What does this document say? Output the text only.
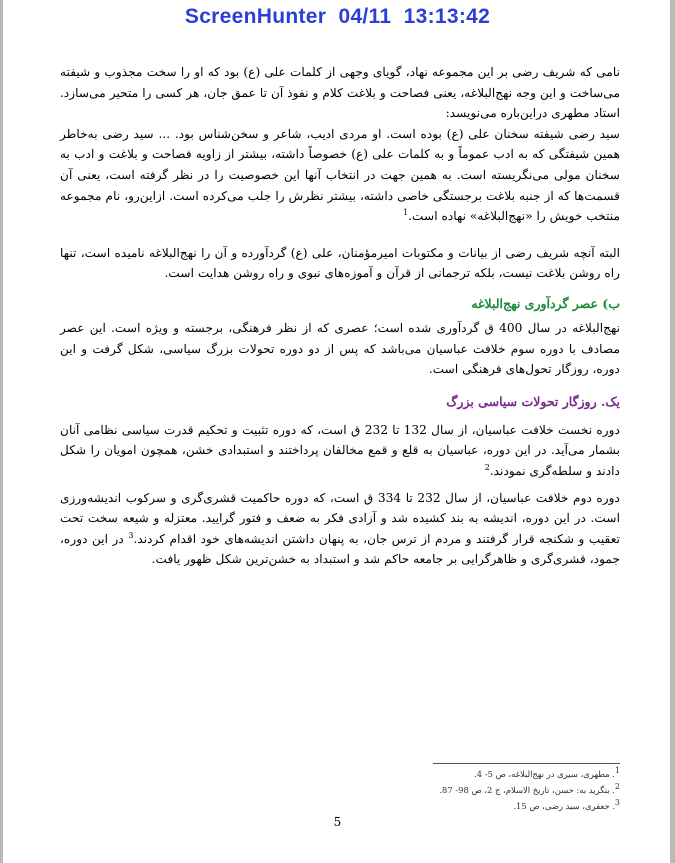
ScreenHunter  04/11  13:13:42

نامی که شریف رضی بر این مجموعه نهاد، گویای وجهی از کلمات علی (ع) بود که او را سخت مجذوب و شیفته می‌ساخت و این وجه نهج‌البلاغه، یعنی فصاحت و بلاغت کلام و نفوذ آن تا عمق جان، هر کسی را متحیر می‌سازد. استاد مطهری دراین‌باره می‌نویسد:

سید رضی شیفته سخنان علی (ع) بوده است. او مردی ادیب، شاعر و سخن‌شناس بود. ... سید رضی به‌خاطر همین شیفتگی که به ادب عموماً و به کلمات علی (ع) خصوصاً داشته، بیشتر از زاویه فصاحت و بلاغت و ادب به سخنان مولی می‌نگریسته است. به همین جهت در انتخاب آنها این خصوصیت را در نظر گرفته است، یعنی آن قسمت‌ها که از جنبه بلاغت برجستگی خاصی داشته، بیشتر نظرش را جلب می‌کرده است. ازاین‌رو، نام مجموعه منتخب خویش را «نهج‌البلاغه» نهاده است.$^1$

البته آنچه شریف رضی از بیانات و مکتوبات امیرمؤمنان، علی (ع) گردآورده و آن را نهج‌البلاغه نامیده است، تنها راه روشن بلاغت نیست، بلکه ترجمانی از قرآن و آموزه‌های نبوی و راه روشن هدایت است.

ب) عصر گردآوری نهج‌البلاغه

نهج‌البلاغه در سال 400 ق گردآوری شده است؛ عصری که از نظر فرهنگی، برجسته و ویژه است. این عصر مصادف با دوره سوم خلافت عباسیان می‌باشد که پس از دو دوره تحولات بزرگ سیاسی، شکل گرفت و این دوره، روزگار تحول‌های فرهنگی است.

یک. روزگار تحولات سیاسی بزرگ

دوره نخست خلافت عباسیان، از سال 132 تا 232 ق است، که دوره تثبیت و تحکیم قدرت سیاسی نظامی آنان بشمار می‌آید. در این دوره، عباسیان به قلع و قمع مخالفان پرداختند و استبدادی خشن، همچون امویان را شکل دادند و سلطه‌گری نمودند.$^2$

دوره دوم خلافت عباسیان، از سال 232 تا 334 ق است، که دوره حاکمیت قشری‌گری و سرکوب اندیشه‌ورزی است. در این دوره، اندیشه به بند کشیده شد و آزادی فکر به ضعف و فتور گرایید. معتزله و شیعه سخت تحت تعقیب و شکنجه قرار گرفتند و مردم از ترس جان، به پنهان داشتن اندیشه‌های خود اقدام کردند.$^3$ در این دوره، جمود، قشری‌گری و ظاهرگرایی بر جامعه حاکم شد و استبداد به خشن‌ترین شکل ظهور یافت.

$^1$. مطهری، سیری در نهج‌البلاغه، ص 5- 4.
$^2$. بنگرید به: حسن، تاریخ الاسلام، ج 2، ص 98- 87.
$^3$. جعفری، سید رضی، ص 15.
5
